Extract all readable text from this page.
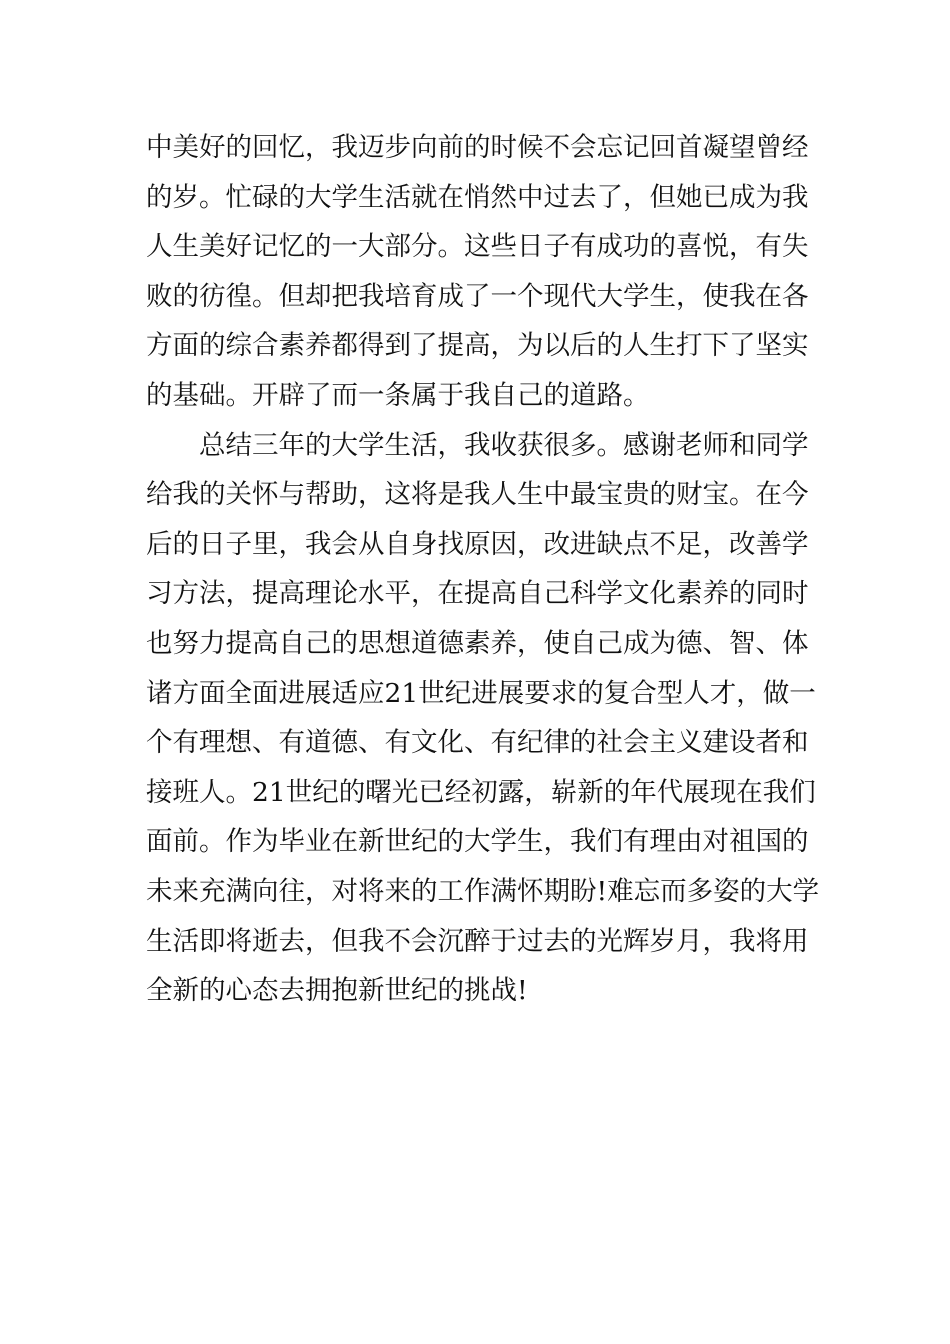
中美好的回忆，我迈步向前的时候不会忘记回首凝望曾经
的岁。忙碌的大学生活就在悄然中过去了，但她已成为我
人生美好记忆的一大部分。这些日子有成功的喜悦，有失
败的彷徨。但却把我培育成了一个现代大学生，使我在各
方面的综合素养都得到了提高，为以后的人生打下了坚实
的基础。开辟了而一条属于我自己的道路。
　　总结三年的大学生活，我收获很多。感谢老师和同学
给我的关怀与帮助，这将是我人生中最宝贵的财宝。在今
后的日子里，我会从自身找原因，改进缺点不足，改善学
习方法，提高理论水平，在提高自己科学文化素养的同时
也努力提高自己的思想道德素养，使自己成为德、智、体
诸方面全面进展适应21世纪进展要求的复合型人才，做一
个有理想、有道德、有文化、有纪律的社会主义建设者和
接班人。21世纪的曙光已经初露，崭新的年代展现在我们
面前。作为毕业在新世纪的大学生，我们有理由对祖国的
未来充满向往，对将来的工作满怀期盼!难忘而多姿的大学
生活即将逝去，但我不会沉醉于过去的光辉岁月，我将用
全新的心态去拥抱新世纪的挑战!
